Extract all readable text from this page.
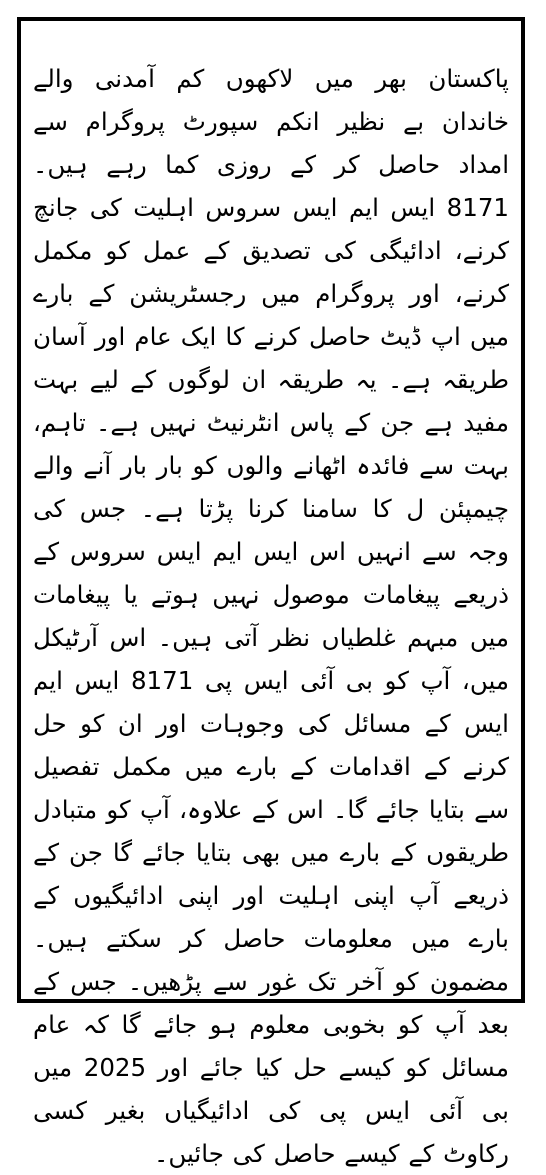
پاکستان بھر میں لاکھوں کم آمدنی والے خاندان بے نظیر انکم سپورٹ پروگرام سے امداد حاصل کر کے روزی کما رہے ہیں۔ 8171 ایس ایم ایس سروس اہلیت کی جانچ کرنے، ادائیگی کی تصدیق کے عمل کو مکمل کرنے، اور پروگرام میں رجسٹریشن کے بارے میں اپ ڈیٹ حاصل کرنے کا ایک عام اور آسان طریقہ ہے۔ یہ طریقہ ان لوگوں کے لیے بہت مفید ہے جن کے پاس انٹرنیٹ نہیں ہے۔ تاہم، بہت سے فائدہ اٹھانے والوں کو بار بار آنے والے چیمپئن ل کا سامنا کرنا پڑتا ہے۔ جس کی وجہ سے انہیں اس ایس ایم ایس سروس کے ذریعے پیغامات موصول نہیں ہوتے یا پیغامات میں مبہم غلطیاں نظر آتی ہیں۔ اس آرٹیکل میں، آپ کو بی آئی ایس پی 8171 ایس ایم ایس کے مسائل کی وجوہات اور ان کو حل کرنے کے اقدامات کے بارے میں مکمل تفصیل سے بتایا جائے گا۔ اس کے علاوہ، آپ کو متبادل طریقوں کے بارے میں بھی بتایا جائے گا جن کے ذریعے آپ اپنی اہلیت اور اپنی ادائیگیوں کے بارے میں معلومات حاصل کر سکتے ہیں۔ مضمون کو آخر تک غور سے پڑھیں۔ جس کے بعد آپ کو بخوبی معلوم ہو جائے گا کہ عام مسائل کو کیسے حل کیا جائے اور 2025 میں بی آئی ایس پی کی ادائیگیاں بغیر کسی رکاوٹ کے کیسے حاصل کی جائیں۔
